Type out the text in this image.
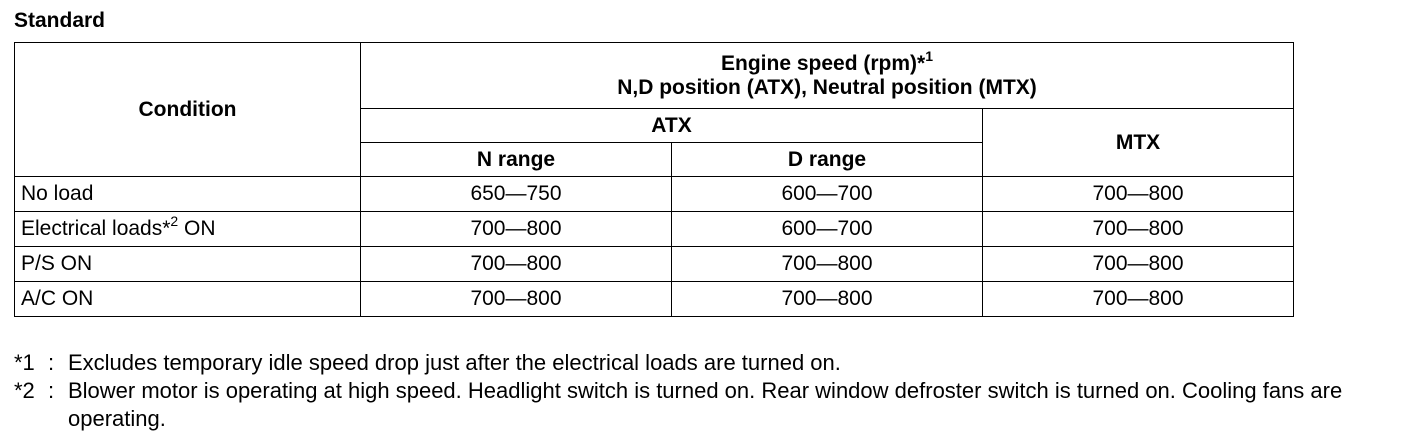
Standard
Condition	Engine speed (rpm)*$^1$
N,D position (ATX), Neutral position (MTX)		
	ATX		MTX
	N range	D range	
No load	650—750	600—700	700—800
Electrical loads*$^2$ ON	700—800	600—700	700—800
P/S ON	700—800	700—800	700—800
A/C ON	700—800	700—800	700—800
*1 : Excludes temporary idle speed drop just after the electrical loads are turned on.
*2 : Blower motor is operating at high speed. Headlight switch is turned on. Rear window defroster switch is turned on. Cooling fans are operating.
